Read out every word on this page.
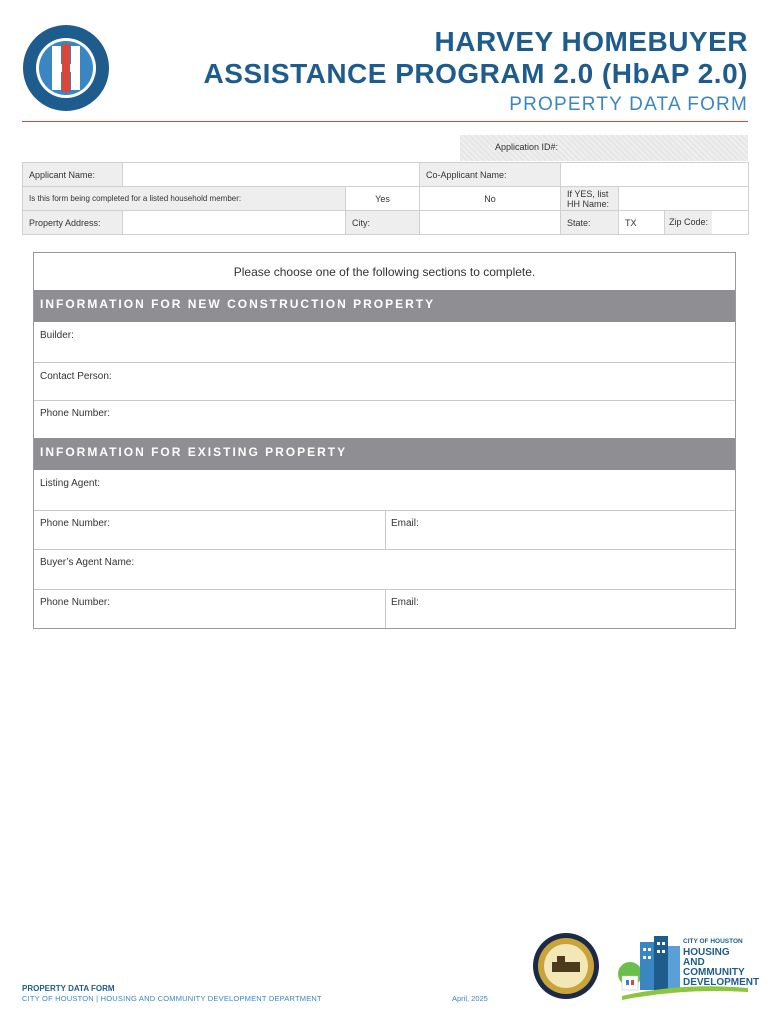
HARVEY HOMEBUYER
ASSISTANCE PROGRAM 2.0 (HbAP 2.0)
PROPERTY DATA FORM
Application ID#:
Applicant Name:			Co-Applicant Name:			
Is this form being completed for a listed household member:		Yes	No	If YES, list HH Name:		
Property Address:		City:		State:	TX	Zip Code:
Please choose one of the following sections to complete.
INFORMATION FOR NEW CONSTRUCTION PROPERTY
Builder:
Contact Person:
Phone Number:
INFORMATION FOR EXISTING PROPERTY
Listing Agent:
Phone Number:	Email:
Buyer’s Agent Name:
Phone Number:	Email:
CITY OF HOUSTON
HOUSING AND
COMMUNITY
DEVELOPMENT
PROPERTY DATA FORM
CITY OF HOUSTON | HOUSING AND COMMUNITY DEVELOPMENT DEPARTMENT	April, 2025
